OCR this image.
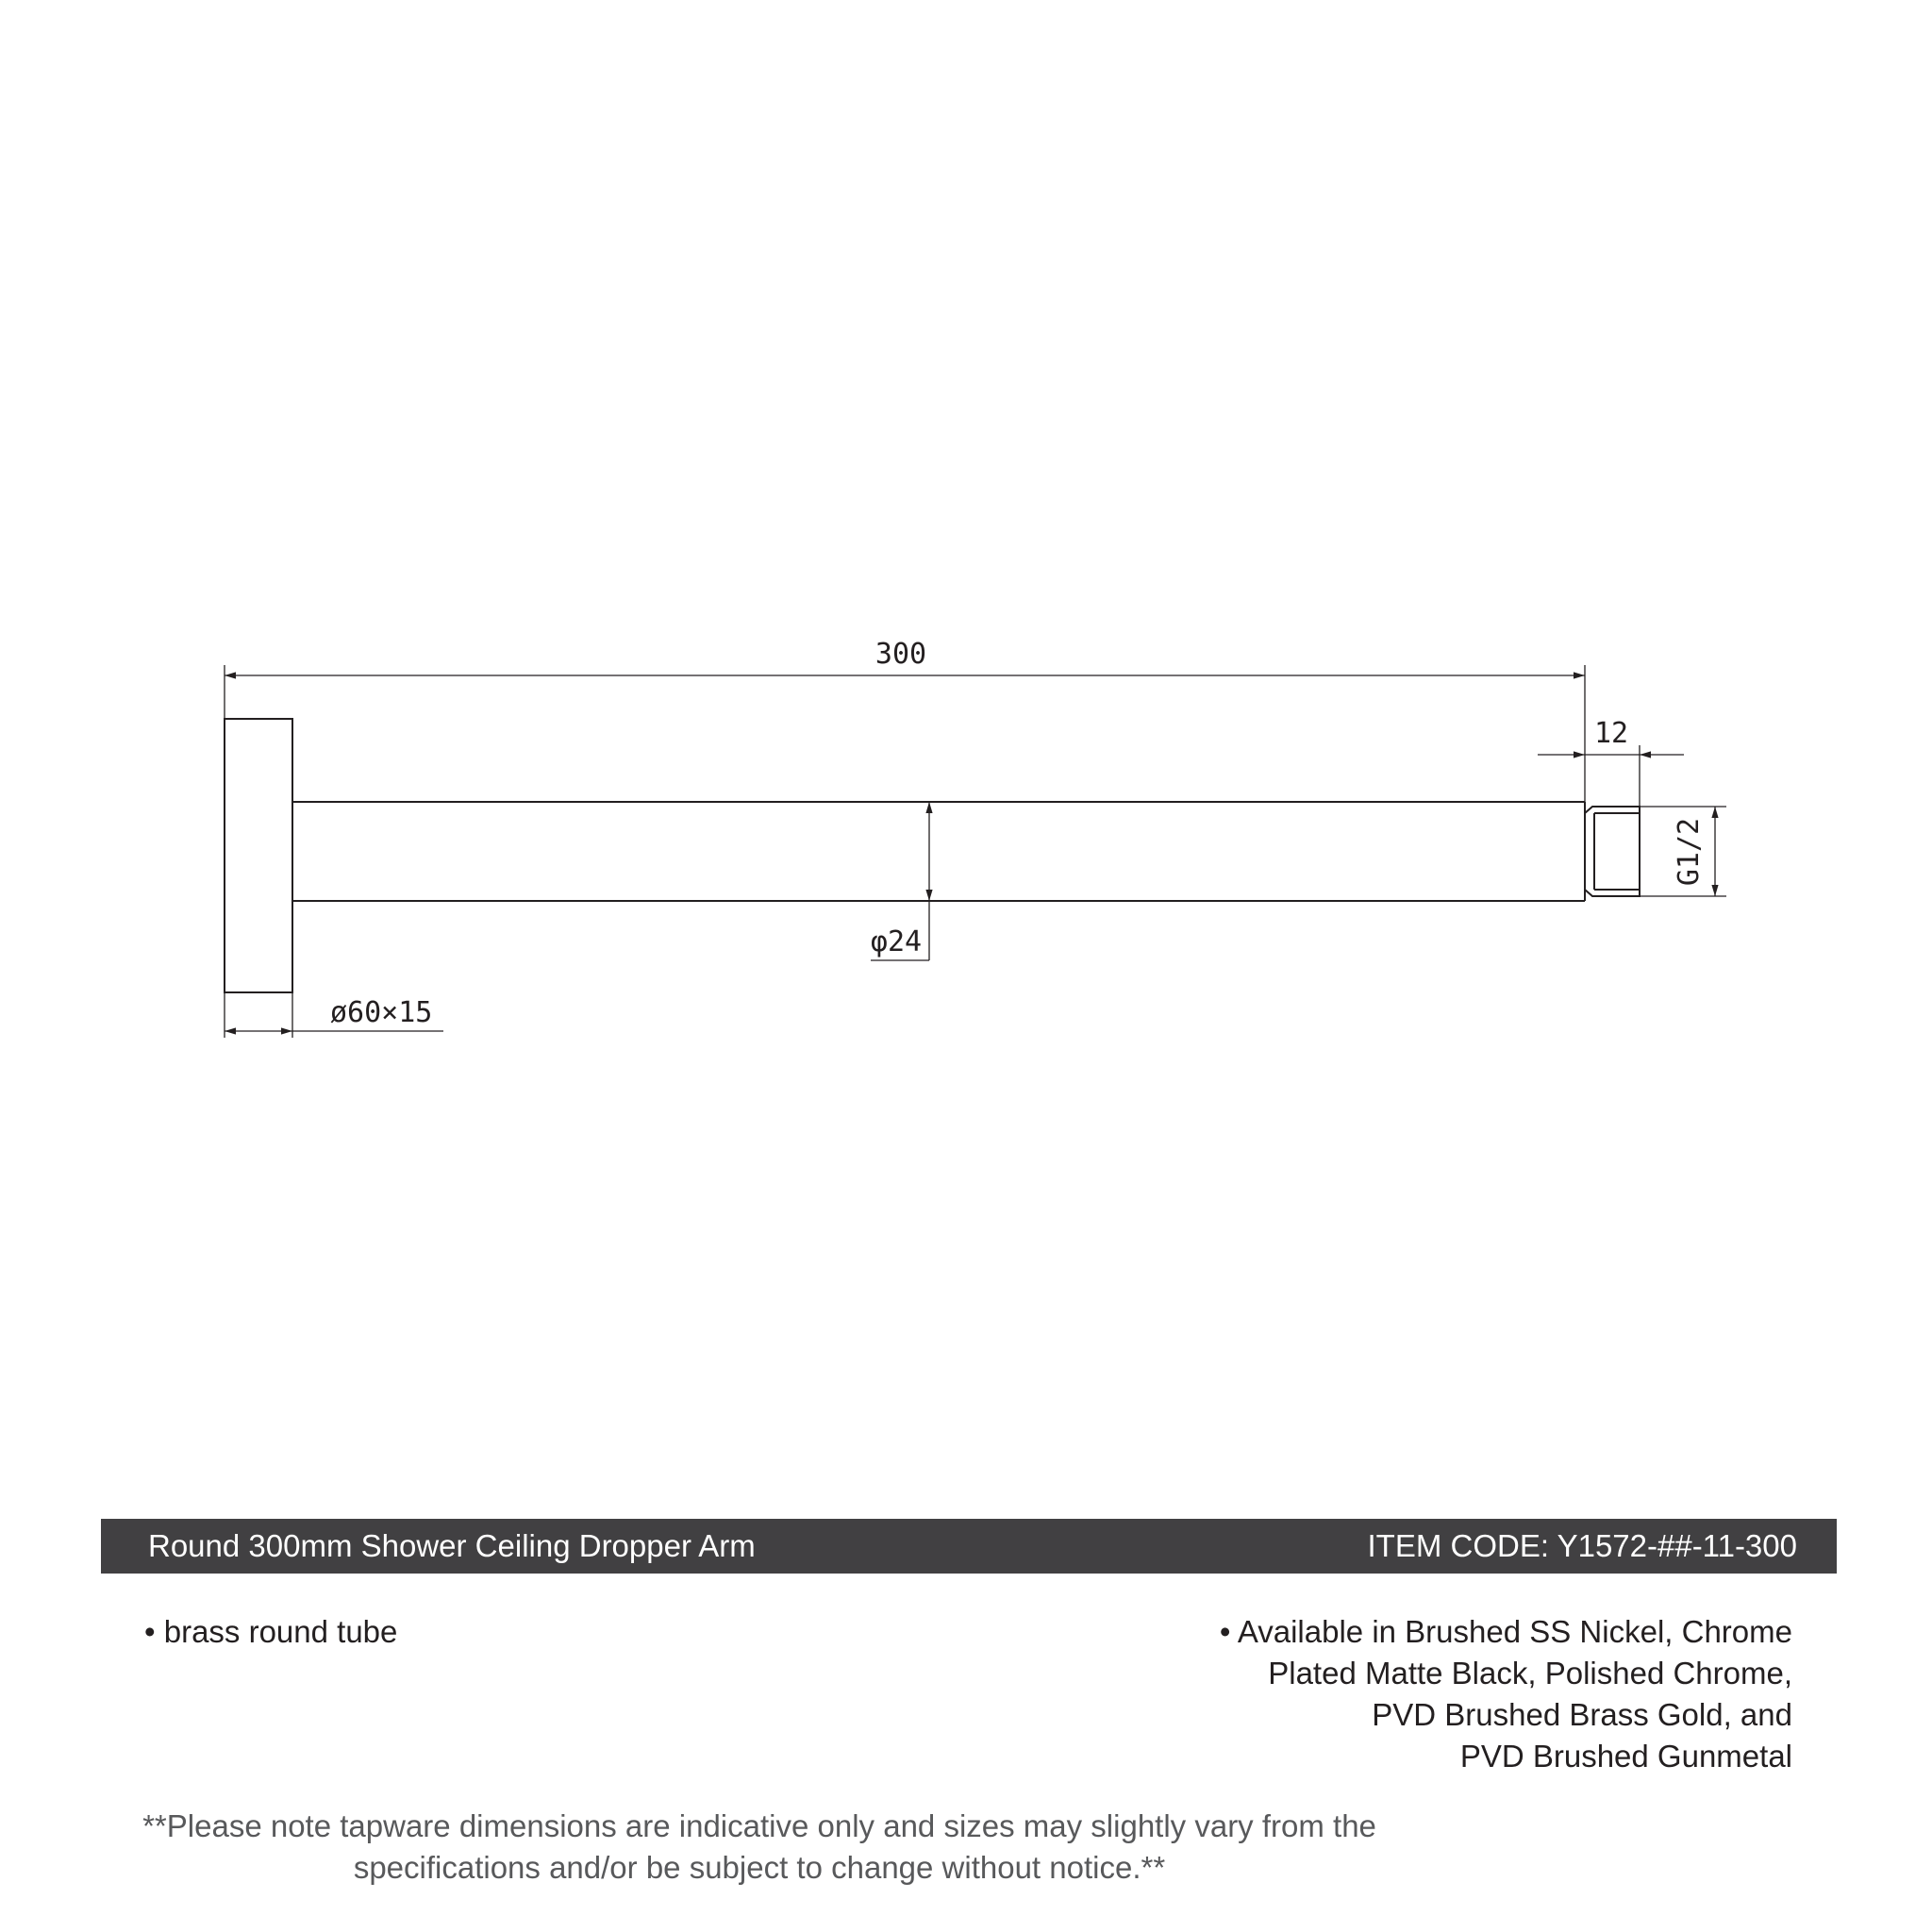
300
12
G1/2
φ24
ø60×15
Round 300mm Shower Ceiling Dropper Arm	ITEM CODE: Y1572-##-11-300
• brass round tube	• Available in Brushed SS Nickel, Chrome
Plated Matte Black, Polished Chrome,
PVD Brushed Brass Gold, and
PVD Brushed Gunmetal
**Please note tapware dimensions are indicative only and sizes may slightly vary from the
specifications and/or be subject to change without notice.**
